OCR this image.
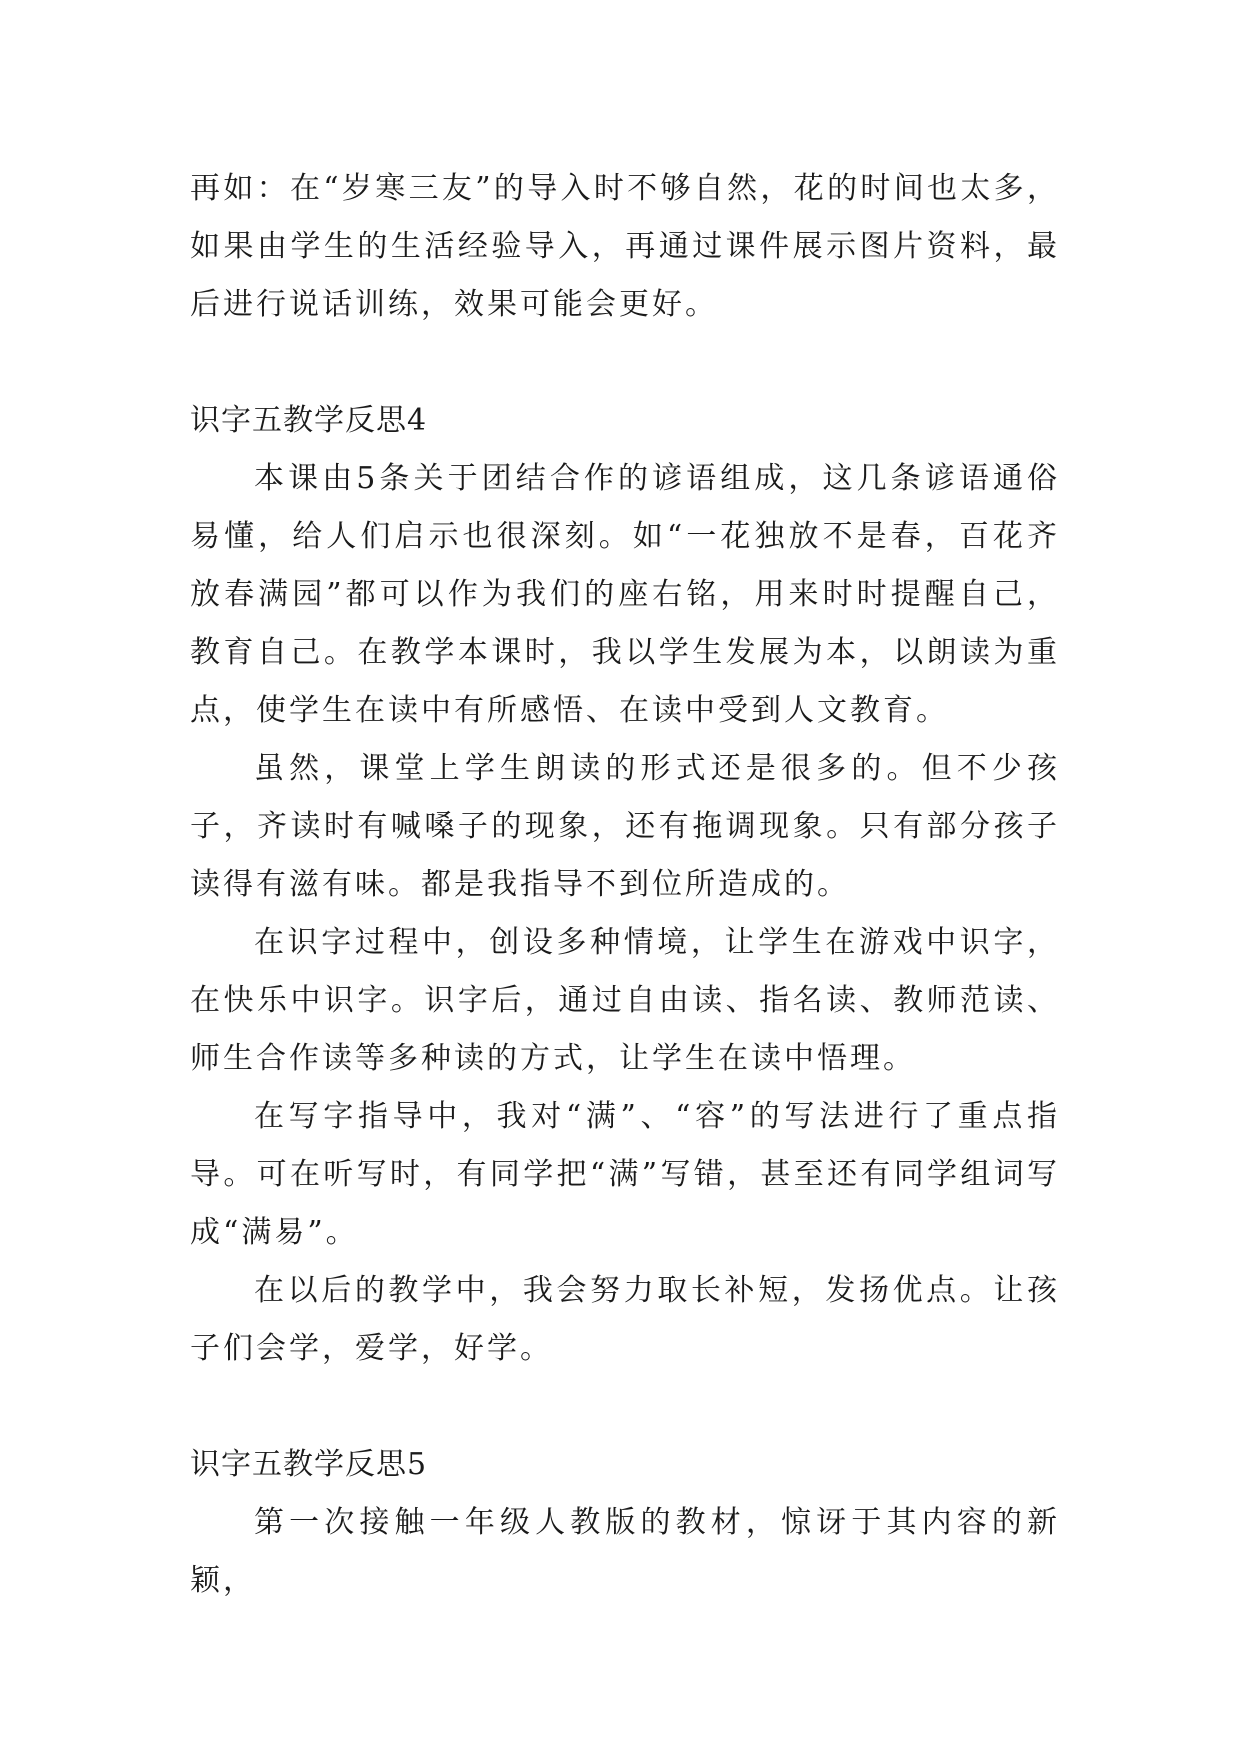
再如：在“岁寒三友”的导入时不够自然，花的时间也太多，如果由学生的生活经验导入，再通过课件展示图片资料，最后进行说话训练，效果可能会更好。

识字五教学反思4

本课由5条关于团结合作的谚语组成，这几条谚语通俗易懂，给人们启示也很深刻。如“一花独放不是春，百花齐放春满园”都可以作为我们的座右铭，用来时时提醒自己，教育自己。在教学本课时，我以学生发展为本，以朗读为重点，使学生在读中有所感悟、在读中受到人文教育。

虽然，课堂上学生朗读的形式还是很多的。但不少孩子，齐读时有喊嗓子的现象，还有拖调现象。只有部分孩子读得有滋有味。都是我指导不到位所造成的。

在识字过程中，创设多种情境，让学生在游戏中识字，在快乐中识字。识字后，通过自由读、指名读、教师范读、师生合作读等多种读的方式，让学生在读中悟理。

在写字指导中，我对“满”、“容”的写法进行了重点指导。可在听写时，有同学把“满”写错，甚至还有同学组词写成“满易”。

在以后的教学中，我会努力取长补短，发扬优点。让孩子们会学，爱学，好学。

识字五教学反思5

第一次接触一年级人教版的教材，惊讶于其内容的新颖，
